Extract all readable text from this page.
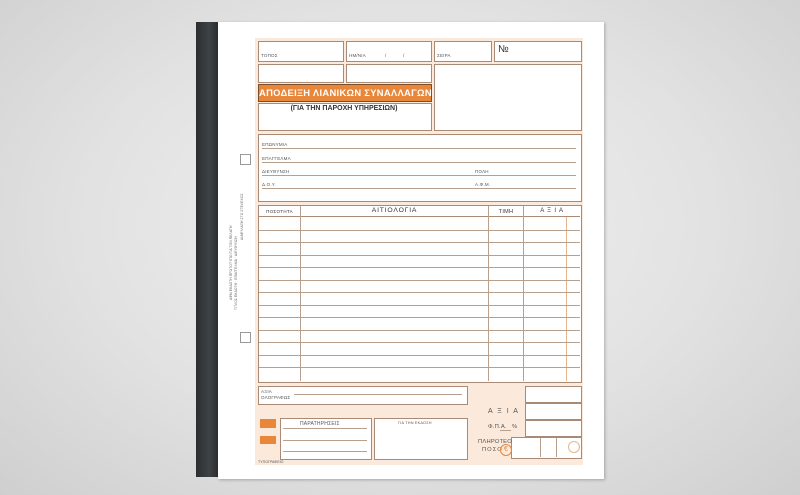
ΑΦΜ ΕΚΔΟΤΗ ΠΡΩΤΟΤΥΠΟ ΓΙΑ ΤΟΝ ΠΕΛΑΤΗ ΤΙΤΛΟΣ ΕΚΔΟΤΗ · ΕΠΑΓΓΕΛΜΑ · ΔΙΕΥΘΥΝΣΗ
ΔΙΑΦΥΛΑΞΗ ΣΤΟ ΣΤΕΛΕΧΟΣ
ΤΟΠΟΣ	ΗΜ/ΝΙΑ	/	/	ΣΕΙΡΑ
№
ΑΠΟΔΕΙΞΗ ΛΙΑΝΙΚΩΝ ΣΥΝΑΛΛΑΓΩΝ
(ΓΙΑ ΤΗΝ ΠΑΡΟΧΗ ΥΠΗΡΕΣΙΩΝ)
ΕΠΩΝΥΜΙΑ
ΕΠΑΓΓΕΛΜΑ
ΔΙΕΥΘΥΝΣΗ	ΠΟΛΗ
Δ.Ο.Υ.	Α.Φ.Μ.
ΠΟΣΟΤΗΤΑ	ΑΙΤΙΟΛΟΓΙΑ	ΤΙΜΗ	Α Ξ Ι Α
ΑΞΙΑ
ΟΛΟΓΡΑΦΩΣ
ΠΑΡΑΤΗΡΗΣΕΙΣ	ΓΙΑ ΤΗΝ ΕΚΔΟΣΗ
ΤΥΠΟΓΡΑΦΕΙΟ
Α Ξ Ι Α
Φ.Π.Α. %
ΠΛΗΡΩΤΕΟ
ΠΟΣΟ €
